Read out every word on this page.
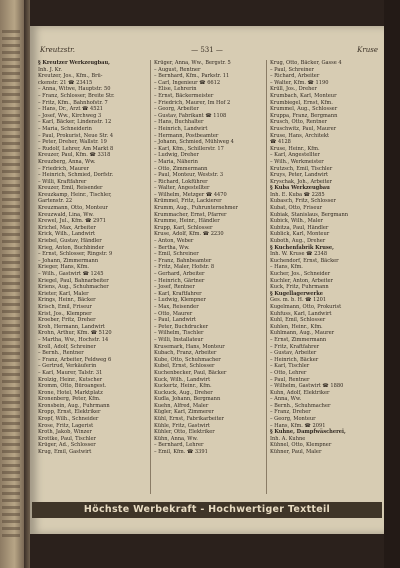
Kreutzstr.	— 531 —	Kruse

§ Kreutzer Werkzeugbau,

Inh. J. Kr.

Kreutzer, Jos., Kfm., Brü-

ckenstr. 21 ☎ 23415

– Anna, Witwe, Hauptstr. 50

– Franz, Schlosser, Breite Str.

– Fritz, Kfm., Bahnhofstr. 7

– Hans, Dr., Arzt ☎ 4521

– Josef, Ww., Kirchweg 3

– Karl, Bäcker, Lindenstr. 12

– Maria, Schneiderin

– Paul, Prokurist, Neue Str. 4

– Peter, Dreher, Wallstr. 19

– Rudolf, Lehrer, Am Markt 8

Kreuzer, Paul, Kfm. ☎ 3318

Kreuzberg, Anna, Ww.

– Friedrich, Maurer

– Heinrich, Schmied, Dorfstr.

– Willi, Kraftfahrer

Kreuzer, Emil, Reisender

Kreuzkamp, Heinr., Tischler,

Gartenstr. 22

Kreuzmann, Otto, Monteur

Kreuzwald, Lina, Ww.

Krewel, Jul., Kfm. ☎ 2971

Krichel, Max, Arbeiter

Krick, Wilh., Landwirt

Kriebel, Gustav, Händler

Krieg, Anton, Buchbinder

– Ernst, Schlosser, Ringstr. 9

– Johann, Zimmermann

Krieger, Hans, Kfm.

– Wilh., Gastwirt ☎ 1245

Kriegel, Paul, Bahnarbeiter

Kriens, Aug., Schuhmacher

Krieter, Karl, Maler

Krings, Heinr., Bäcker

Krisch, Emil, Friseur

Krist, Jos., Klempner

Kroeber, Fritz, Dreher

Kroh, Hermann, Landwirt

Krohn, Arthur, Kfm. ☎ 5120

– Martha, Ww., Hochstr. 14

Kroll, Adolf, Schreiner

– Bernh., Rentner

– Franz, Arbeiter, Feldweg 6

– Gertrud, Verkäuferin

– Karl, Maurer, Talstr. 31

Krolzig, Heinr., Kutscher

Kromm, Otto, Büroangest.

Krone, Hotel, Marktplatz

Kronenberg, Peter, Kfm.

Kronsbein, Aug., Fuhrmann

Kropp, Ernst, Elektriker

Kropf, Wilh., Schneider

Krose, Fritz, Lagerist

Kroth, Jakob, Winzer

Krottke, Paul, Tischler

Krüger, Ad., Schlosser

Krug, Emil, Gastwirt

Krüger, Anna, Ww., Bergstr. 5

– August, Rentner

– Bernhard, Kfm., Parkstr. 11

– Carl, Ingenieur ☎ 6612

– Elise, Lehrerin

– Ernst, Bäckermeister

– Friedrich, Maurer, Im Hof 2

– Georg, Arbeiter

– Gustav, Fabrikant ☎ 1108

– Hans, Buchhalter

– Heinrich, Landwirt

– Hermann, Postbeamter

– Johann, Schmied, Mühlweg 4

– Karl, Kfm., Schillerstr. 17

– Ludwig, Dreher

– Maria, Näherin

– Otto, Zimmermann

– Paul, Monteur, Weststr. 3

– Richard, Lokführer

– Walter, Angestellter

– Wilhelm, Metzger ☎ 4470

Krümmel, Fritz, Lackierer

Krumm, Aug., Fuhrunternehmer

Krummacher, Ernst, Pfarrer

Krumme, Heinr., Händler

Krupp, Karl, Schlosser

Kruse, Adolf, Kfm. ☎ 2230

– Anton, Weber

– Bertha, Ww.

– Emil, Schreiner

– Franz, Bahnbeamter

– Fritz, Maler, Hofstr. 8

– Gerhard, Arbeiter

– Heinrich, Gärtner

– Josef, Rentner

– Karl, Kraftfahrer

– Ludwig, Klempner

– Max, Reisender

– Otto, Maurer

– Paul, Landwirt

– Peter, Buchdrucker

– Wilhelm, Tischler

– Willi, Installateur

Krusemark, Hans, Monteur

Kubach, Franz, Arbeiter

Kube, Otto, Schuhmacher

Kubel, Ernst, Schlosser

Kuchenbecker, Paul, Bäcker

Kuck, Wilh., Landwirt

Kuckertz, Heinr., Kfm.

Kuckuck, Aug., Dreher

Kudla, Johann, Bergmann

Kuehn, Alfred, Maler

Kügler, Karl, Zimmerer

Kühl, Ernst, Fabrikarbeiter

Kühle, Fritz, Gastwirt

Kühler, Otto, Elektriker

Kühn, Anna, Ww.

– Bernhard, Lehrer

– Emil, Kfm. ☎ 3391

Krug, Otto, Bäcker, Gasse 4

– Paul, Schreiner

– Richard, Arbeiter

– Walter, Kfm. ☎ 1190

Krüll, Jos., Dreher

Krumbach, Karl, Monteur

Krumbiegel, Ernst, Kfm.

Krummel, Aug., Schlosser

Kruppa, Franz, Bergmann

Krusch, Otto, Rentner

Kruschwitz, Paul, Maurer

Kruse, Hans, Architekt

☎ 4128

Kruse, Heinr., Kfm.

– Karl, Angestellter

– Wilh., Werkmeister

Krutzsch, Emil, Tischler

Kruys, Peter, Landwirt

Kryschak, Joh., Arbeiter

§ Kuba Werkzeugbau

Inh. E. Kuba ☎ 2285

Kubasch, Fritz, Schlosser

Kubat, Otto, Friseur

Kubiak, Stanislaus, Bergmann

Kubick, Wilh., Maler

Kubitza, Paul, Händler

Kublick, Karl, Monteur

Kuboth, Aug., Dreher

§ Kuchenfabrik Kruse,

Inh. W. Kruse ☎ 2348

Kuchendorf, Ernst, Bäcker

– Hans, Kfm.

Kucher, Jos., Schneider

Kuchler, Anton, Arbeiter

Kuck, Fritz, Fuhrmann

§ Kugellagerwerke

Ges. m. b. H. ☎ 1201

Kugelmann, Otto, Prokurist

Kuhfuss, Karl, Landwirt

Kuhl, Emil, Schlosser

Kuhlen, Heinr., Kfm.

Kuhlmann, Aug., Maurer

– Ernst, Zimmermann

– Fritz, Kraftfahrer

– Gustav, Arbeiter

– Heinrich, Bäcker

– Karl, Tischler

– Otto, Lehrer

– Paul, Rentner

– Wilhelm, Gastwirt ☎ 1880

Kuhn, Adolf, Elektriker

– Anna, Ww.

– Bernh., Schuhmacher

– Franz, Dreher

– Georg, Monteur

– Hans, Kfm. ☎ 2091

§ Kuhne, Dampfwäscherei,

Inh. A. Kuhne

Kühnel, Otto, Klempner

Kühner, Paul, Maler

Höchste Werbekraft - Hochwertiger Textteil
